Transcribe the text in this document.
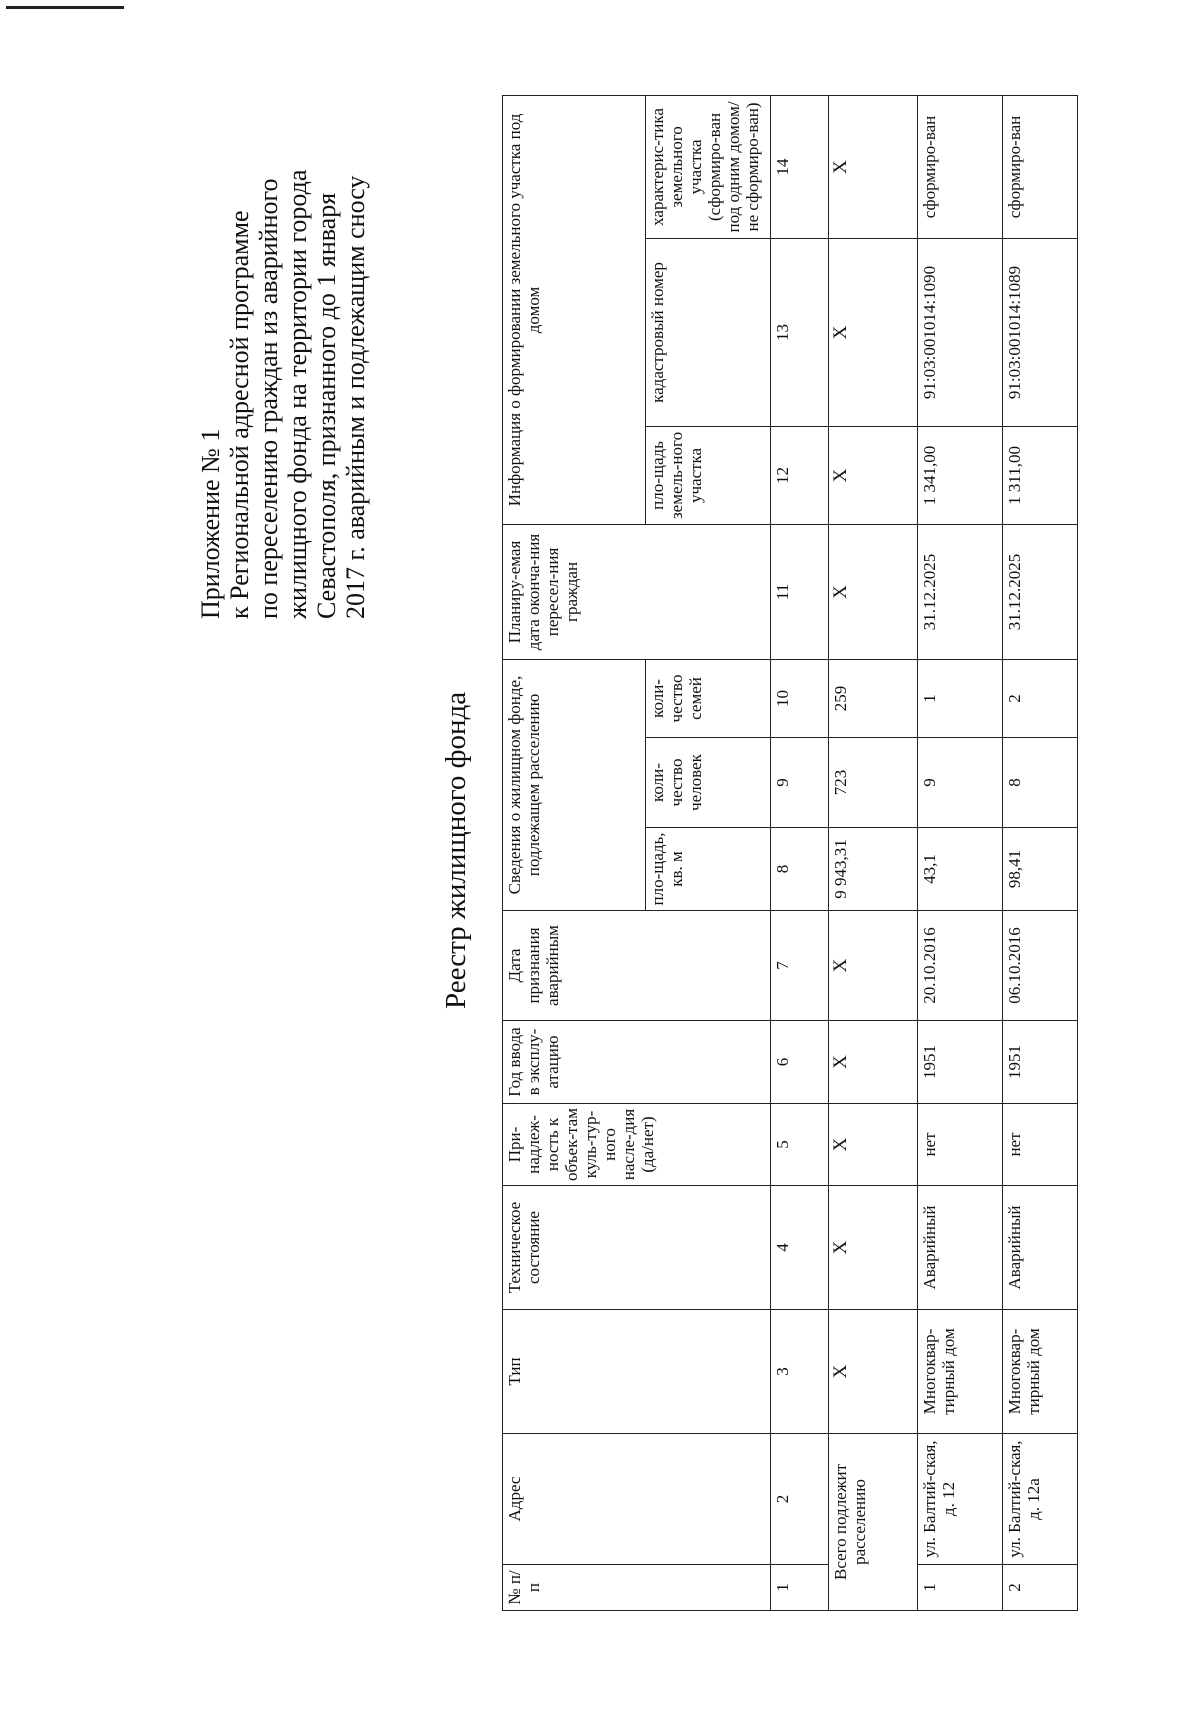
Приложение № 1 к Региональной адресной программе по переселению граждан из аварийного жилищного фонда на территории города Севастополя, признанного до 1 января 2017 г. аварийным и подлежащим сносу
Реестр жилищного фонда
№ п/п	Адрес	Тип	Техническое состояние	При-надлеж-ность к объек-там куль-тур-ного насле-дия (да/нет)	Год ввода в эксплу-атацию	Дата признания аварийным	Сведения о жилищном фонде, подлежащем расселению			Планиру-емая дата оконча-ния пересел-ния граждан	Информация о формировании земельного участка под домом		
							пло-щадь, кв. м	коли-чество человек	коли-чество семей		пло-щадь земель-ного участка	кадастровый номер	характерис-тика земельного участка (сформиро-ван под одним домом/не сформиро-ван)
1	2	3	4	5	6	7	8	9	10	11	12	13	14
Всего подлежит расселению		X	X	X	X	X	9 943,31	723	259	X	X	X	X
1	ул. Балтий-ская, д. 12	Многоквар-тирный дом	Аварийный	нет	1951	20.10.2016	43,1	9	1	31.12.2025	1 341,00	91:03:001014:1090	сформиро-ван
2	ул. Балтий-ская, д. 12а	Многоквар-тирный дом	Аварийный	нет	1951	06.10.2016	98,41	8	2	31.12.2025	1 311,00	91:03:001014:1089	сформиро-ван
